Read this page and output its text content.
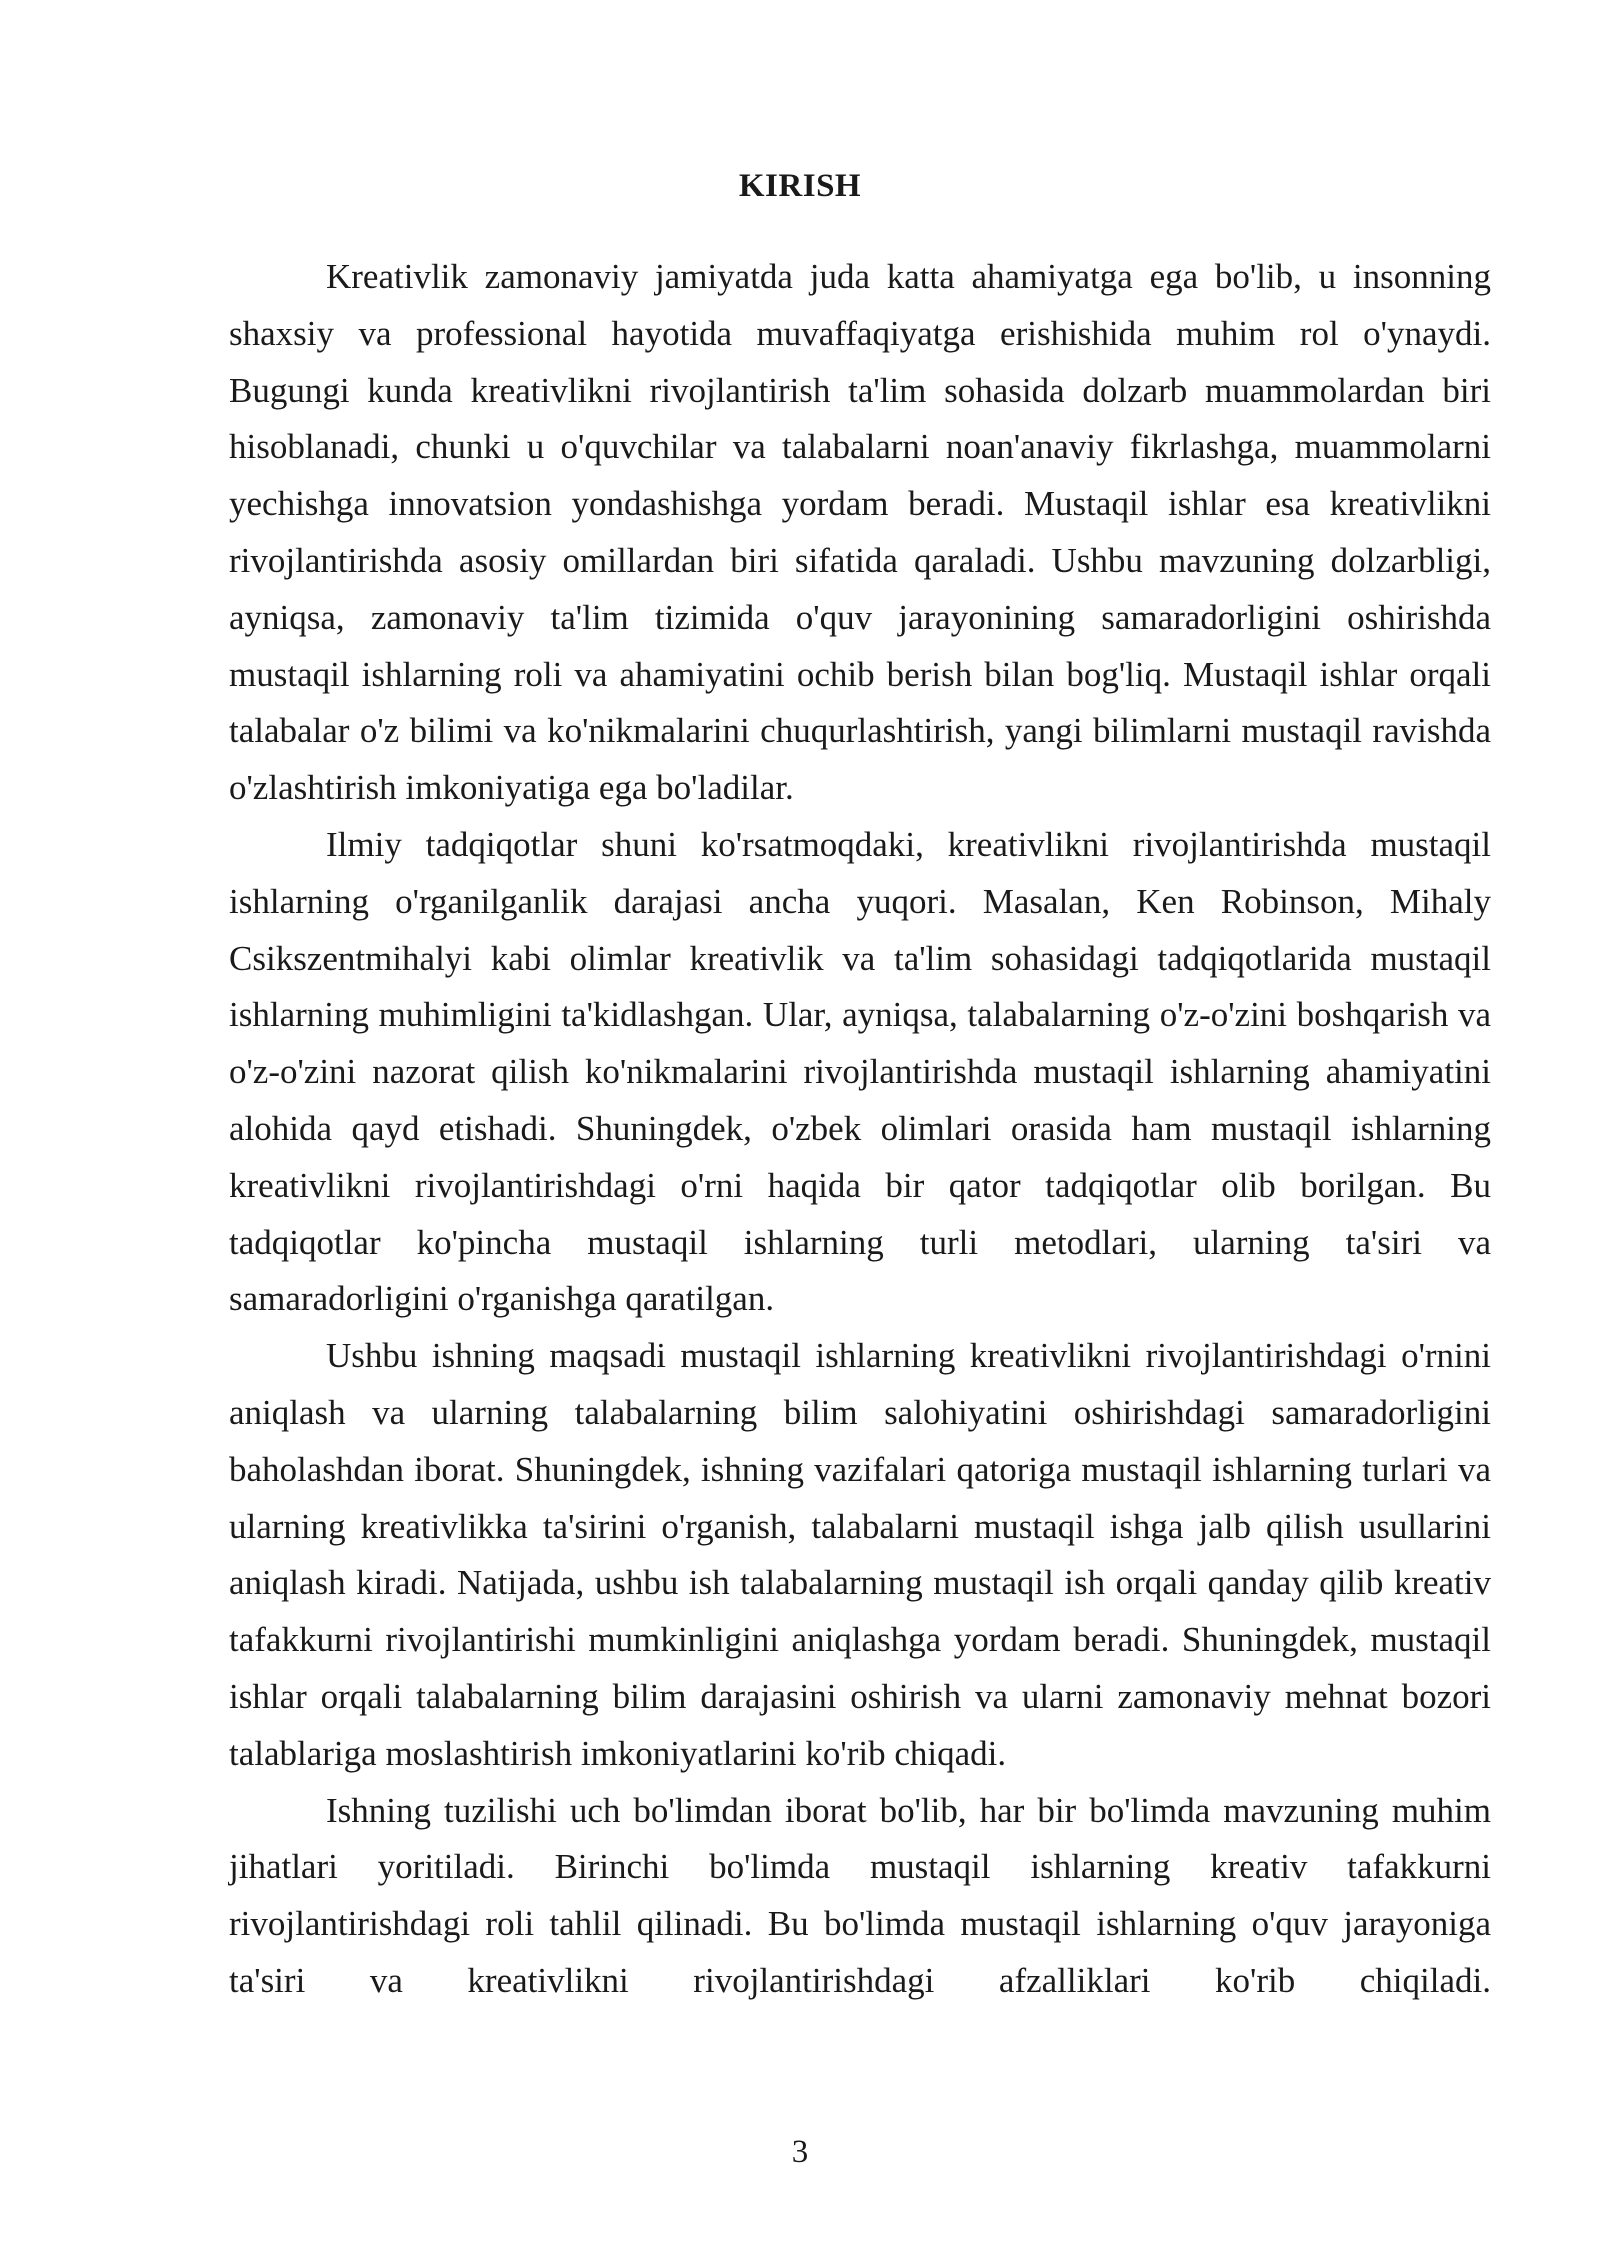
KIRISH

Kreativlik zamonaviy jamiyatda juda katta ahamiyatga ega bo'lib, u insonning shaxsiy va professional hayotida muvaffaqiyatga erishishida muhim rol o'ynaydi. Bugungi kunda kreativlikni rivojlantirish ta'lim sohasida dolzarb muammolardan biri hisoblanadi, chunki u o'quvchilar va talabalarni noan'anaviy fikrlashga, muammolarni yechishga innovatsion yondashishga yordam beradi. Mustaqil ishlar esa kreativlikni rivojlantirishda asosiy omillardan biri sifatida qaraladi. Ushbu mavzuning dolzarbligi, ayniqsa, zamonaviy ta'lim tizimida o'quv jarayonining samaradorligini oshirishda mustaqil ishlarning roli va ahamiyatini ochib berish bilan bog'liq. Mustaqil ishlar orqali talabalar o'z bilimi va ko'nikmalarini chuqurlashtirish, yangi bilimlarni mustaqil ravishda o'zlashtirish imkoniyatiga ega bo'ladilar.

Ilmiy tadqiqotlar shuni ko'rsatmoqdaki, kreativlikni rivojlantirishda mustaqil ishlarning o'rganilganlik darajasi ancha yuqori. Masalan, Ken Robinson, Mihaly Csikszentmihalyi kabi olimlar kreativlik va ta'lim sohasidagi tadqiqotlarida mustaqil ishlarning muhimligini ta'kidlashgan. Ular, ayniqsa, talabalarning o'z-o'zini boshqarish va o'z-o'zini nazorat qilish ko'nikmalarini rivojlantirishda mustaqil ishlarning ahamiyatini alohida qayd etishadi. Shuningdek, o'zbek olimlari orasida ham mustaqil ishlarning kreativlikni rivojlantirishdagi o'rni haqida bir qator tadqiqotlar olib borilgan. Bu tadqiqotlar ko'pincha mustaqil ishlarning turli metodlari, ularning ta'siri va samaradorligini o'rganishga qaratilgan.

Ushbu ishning maqsadi mustaqil ishlarning kreativlikni rivojlantirishdagi o'rnini aniqlash va ularning talabalarning bilim salohiyatini oshirishdagi samaradorligini baholashdan iborat. Shuningdek, ishning vazifalari qatoriga mustaqil ishlarning turlari va ularning kreativlikka ta'sirini o'rganish, talabalarni mustaqil ishga jalb qilish usullarini aniqlash kiradi. Natijada, ushbu ish talabalarning mustaqil ish orqali qanday qilib kreativ tafakkurni rivojlantirishi mumkinligini aniqlashga yordam beradi. Shuningdek, mustaqil ishlar orqali talabalarning bilim darajasini oshirish va ularni zamonaviy mehnat bozori talablariga moslashtirish imkoniyatlarini ko'rib chiqadi.

Ishning tuzilishi uch bo'limdan iborat bo'lib, har bir bo'limda mavzuning muhim jihatlari yoritiladi. Birinchi bo'limda mustaqil ishlarning kreativ tafakkurni rivojlantirishdagi roli tahlil qilinadi. Bu bo'limda mustaqil ishlarning o'quv jarayoniga ta'siri va kreativlikni rivojlantirishdagi afzalliklari ko'rib chiqiladi.

3
